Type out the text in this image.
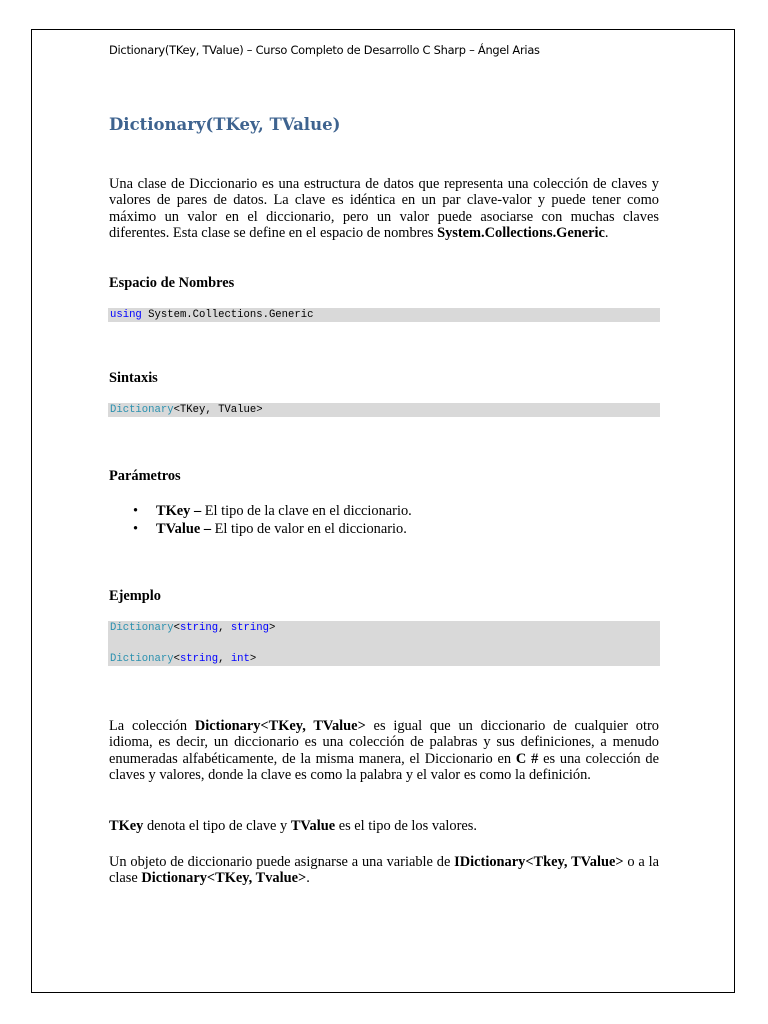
Dictionary(TKey, TValue) – Curso Completo de Desarrollo C Sharp – Ángel Arias
Dictionary(TKey, TValue)

Una clase de Diccionario es una estructura de datos que representa una colección de claves y valores de pares de datos. La clave es idéntica en un par clave-valor y puede tener como máximo un valor en el diccionario, pero un valor puede asociarse con muchas claves diferentes. Esta clase se define en el espacio de nombres System.Collections.Generic.

Espacio de Nombres
using System.Collections.Generic
Sintaxis
Dictionary<TKey, TValue>
Parámetros
• TKey – El tipo de la clave en el diccionario.
• TValue – El tipo de valor en el diccionario.
Ejemplo
Dictionary<string, string>
Dictionary<string, int>

La colección Dictionary<TKey, TValue> es igual que un diccionario de cualquier otro idioma, es decir, un diccionario es una colección de palabras y sus definiciones, a menudo enumeradas alfabéticamente, de la misma manera, el Diccionario en C # es una colección de claves y valores, donde la clave es como la palabra y el valor es como la definición.

TKey denota el tipo de clave y TValue es el tipo de los valores.

Un objeto de diccionario puede asignarse a una variable de IDictionary<Tkey, TValue> o a la clase Dictionary<TKey, Tvalue>.
